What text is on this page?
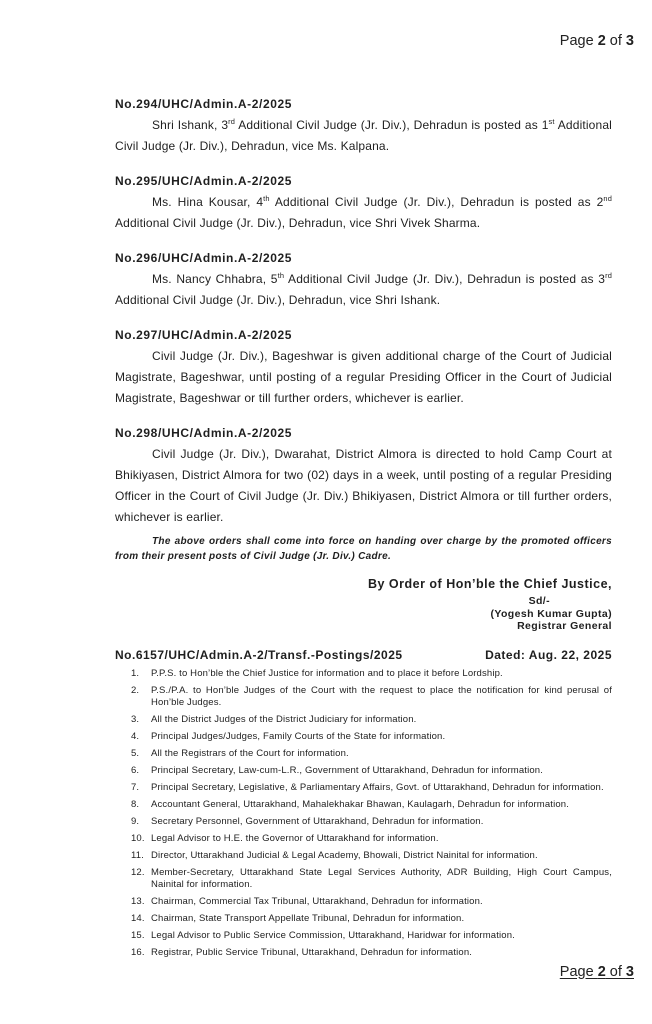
Page 2 of 3
No.294/UHC/Admin.A-2/2025

Shri Ishank, 3rd Additional Civil Judge (Jr. Div.), Dehradun is posted as 1st Additional Civil Judge (Jr. Div.), Dehradun, vice Ms. Kalpana.

No.295/UHC/Admin.A-2/2025

Ms. Hina Kousar, 4th Additional Civil Judge (Jr. Div.), Dehradun is posted as 2nd Additional Civil Judge (Jr. Div.), Dehradun, vice Shri Vivek Sharma.

No.296/UHC/Admin.A-2/2025

Ms. Nancy Chhabra, 5th Additional Civil Judge (Jr. Div.), Dehradun is posted as 3rd Additional Civil Judge (Jr. Div.), Dehradun, vice Shri Ishank.

No.297/UHC/Admin.A-2/2025

Civil Judge (Jr. Div.), Bageshwar is given additional charge of the Court of Judicial Magistrate, Bageshwar, until posting of a regular Presiding Officer in the Court of Judicial Magistrate, Bageshwar or till further orders, whichever is earlier.

No.298/UHC/Admin.A-2/2025

Civil Judge (Jr. Div.), Dwarahat, District Almora is directed to hold Camp Court at Bhikiyasen, District Almora for two (02) days in a week, until posting of a regular Presiding Officer in the Court of Civil Judge (Jr. Div.) Bhikiyasen, District Almora or till further orders, whichever is earlier.

The above orders shall come into force on handing over charge by the promoted officers from their present posts of Civil Judge (Jr. Div.) Cadre.

By Order of Hon’ble the Chief Justice,
Sd/-
(Yogesh Kumar Gupta)
Registrar General
No.6157/UHC/Admin.A-2/Transf.-Postings/2025	Dated: Aug. 22, 2025
1.	P.P.S. to Hon’ble the Chief Justice for information and to place it before Lordship.
2.	P.S./P.A. to Hon’ble Judges of the Court with the request to place the notification for kind perusal of Hon’ble Judges.
3.	All the District Judges of the District Judiciary for information.
4.	Principal Judges/Judges, Family Courts of the State for information.
5.	All the Registrars of the Court for information.
6.	Principal Secretary, Law-cum-L.R., Government of Uttarakhand, Dehradun for information.
7.	Principal Secretary, Legislative, & Parliamentary Affairs, Govt. of Uttarakhand, Dehradun for information.
8.	Accountant General, Uttarakhand, Mahalekhakar Bhawan, Kaulagarh, Dehradun for information.
9.	Secretary Personnel, Government of Uttarakhand, Dehradun for information.
10. Legal Advisor to H.E. the Governor of Uttarakhand for information.
11. Director, Uttarakhand Judicial & Legal Academy, Bhowali, District Nainital for information.
12. Member-Secretary, Uttarakhand State Legal Services Authority, ADR Building, High Court Campus, Nainital for information.
13. Chairman, Commercial Tax Tribunal, Uttarakhand, Dehradun for information.
14. Chairman, State Transport Appellate Tribunal, Dehradun for information.
15. Legal Advisor to Public Service Commission, Uttarakhand, Haridwar for information.
16. Registrar, Public Service Tribunal, Uttarakhand, Dehradun for information.
Page 2 of 3
